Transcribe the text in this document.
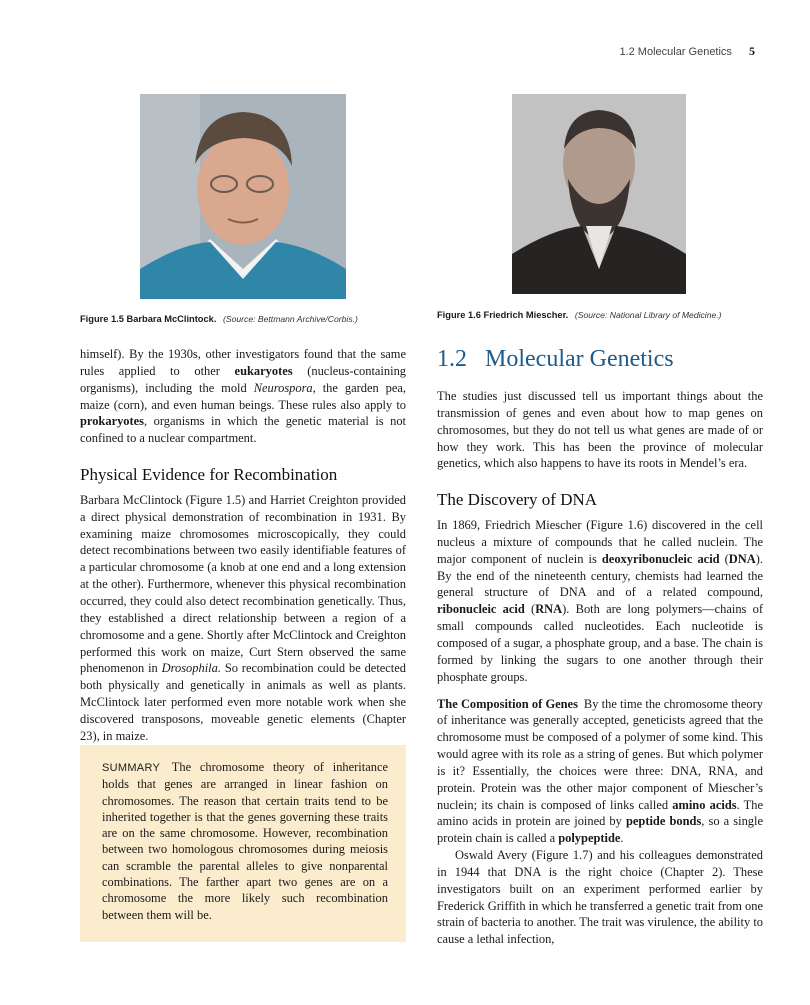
1.2 Molecular Genetics 5
Figure 1.5 Barbara McClintock. (Source: Bettmann Archive/Corbis.)	Figure 1.6 Friedrich Miescher. (Source: National Library of Medicine.)

himself). By the 1930s, other investigators found that the same rules applied to other eukaryotes (nucleus-containing organisms), including the mold Neurospora, the garden pea, maize (corn), and even human beings. These rules also apply to prokaryotes, organisms in which the genetic material is not confined to a nuclear compartment.

Physical Evidence for Recombination

Barbara McClintock (Figure 1.5) and Harriet Creighton provided a direct physical demonstration of recombination in 1931. By examining maize chromosomes microscopically, they could detect recombinations between two easily identifiable features of a particular chromosome (a knob at one end and a long extension at the other). Furthermore, whenever this physical recombination occurred, they could also detect recombination genetically. Thus, they established a direct relationship between a region of a chromosome and a gene. Shortly after McClintock and Creighton performed this work on maize, Curt Stern observed the same phenomenon in Drosophila. So recombination could be detected both physically and genetically in animals as well as plants. McClintock later performed even more notable work when she discovered transposons, moveable genetic elements (Chapter 23), in maize.

SUMMARY The chromosome theory of inheritance holds that genes are arranged in linear fashion on chromosomes. The reason that certain traits tend to be inherited together is that the genes governing these traits are on the same chromosome. However, recombination between two homologous chromosomes during meiosis can scramble the parental alleles to give nonparental combinations. The farther apart two genes are on a chromosome the more likely such recombination between them will be.
1.2 Molecular Genetics

The studies just discussed tell us important things about the transmission of genes and even about how to map genes on chromosomes, but they do not tell us what genes are made of or how they work. This has been the province of molecular genetics, which also happens to have its roots in Mendel’s era.

The Discovery of DNA

In 1869, Friedrich Miescher (Figure 1.6) discovered in the cell nucleus a mixture of compounds that he called nuclein. The major component of nuclein is deoxyribonucleic acid (DNA). By the end of the nineteenth century, chemists had learned the general structure of DNA and of a related compound, ribonucleic acid (RNA). Both are long polymers—chains of small compounds called nucleotides. Each nucleotide is composed of a sugar, a phosphate group, and a base. The chain is formed by linking the sugars to one another through their phosphate groups.

The Composition of Genes By the time the chromosome theory of inheritance was generally accepted, geneticists agreed that the chromosome must be composed of a polymer of some kind. This would agree with its role as a string of genes. But which polymer is it? Essentially, the choices were three: DNA, RNA, and protein. Protein was the other major component of Miescher’s nuclein; its chain is composed of links called amino acids. The amino acids in protein are joined by peptide bonds, so a single protein chain is called a polypeptide.

Oswald Avery (Figure 1.7) and his colleagues demonstrated in 1944 that DNA is the right choice (Chapter 2). These investigators built on an experiment performed earlier by Frederick Griffith in which he transferred a genetic trait from one strain of bacteria to another. The trait was virulence, the ability to cause a lethal infection,
